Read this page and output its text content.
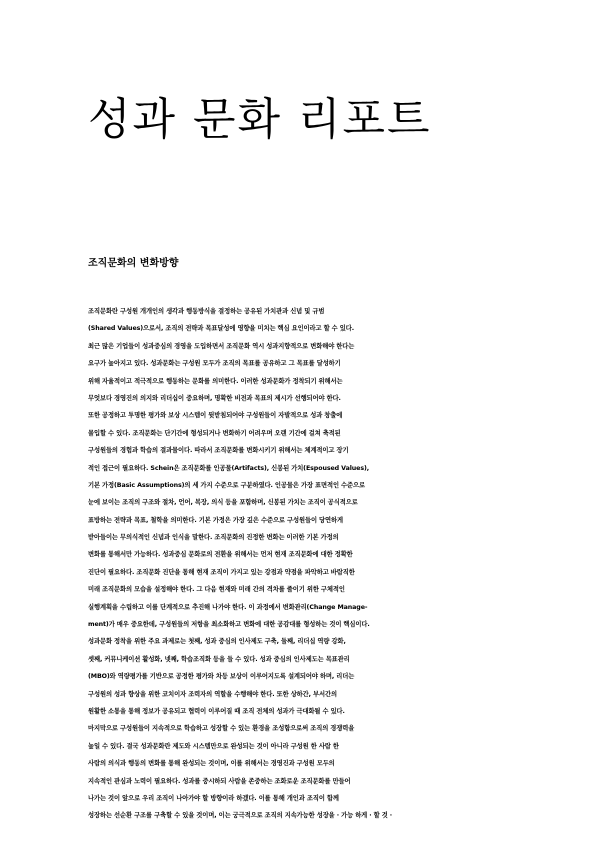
성과 문화 리포트
조직문화의 변화방향
조직문화란 구성원 개개인의 생각과 행동방식을 결정하는 공유된 가치관과 신념 및 규범
(Shared Values)으로서, 조직의 전략과 목표달성에 영향을 미치는 핵심 요인이라고 할 수 있다.
최근 많은 기업들이 성과중심의 경영을 도입하면서 조직문화 역시 성과지향적으로 변화해야 한다는
요구가 높아지고 있다. 성과문화는 구성원 모두가 조직의 목표를 공유하고 그 목표를 달성하기
위해 자율적이고 적극적으로 행동하는 문화를 의미한다. 이러한 성과문화가 정착되기 위해서는
무엇보다 경영진의 의지와 리더십이 중요하며, 명확한 비전과 목표의 제시가 선행되어야 한다.
또한 공정하고 투명한 평가와 보상 시스템이 뒷받침되어야 구성원들이 자발적으로 성과 창출에
몰입할 수 있다. 조직문화는 단기간에 형성되거나 변화하기 어려우며 오랜 기간에 걸쳐 축적된
구성원들의 경험과 학습의 결과물이다. 따라서 조직문화를 변화시키기 위해서는 체계적이고 장기
적인 접근이 필요하다. Schein은 조직문화를 인공물(Artifacts), 신봉된 가치(Espoused Values),
기본 가정(Basic Assumptions)의 세 가지 수준으로 구분하였다. 인공물은 가장 표면적인 수준으로
눈에 보이는 조직의 구조와 절차, 언어, 복장, 의식 등을 포함하며, 신봉된 가치는 조직이 공식적으로
표방하는 전략과 목표, 철학을 의미한다. 기본 가정은 가장 깊은 수준으로 구성원들이 당연하게
받아들이는 무의식적인 신념과 인식을 말한다. 조직문화의 진정한 변화는 이러한 기본 가정의
변화를 통해서만 가능하다. 성과중심 문화로의 전환을 위해서는 먼저 현재 조직문화에 대한 정확한
진단이 필요하다. 조직문화 진단을 통해 현재 조직이 가지고 있는 강점과 약점을 파악하고 바람직한
미래 조직문화의 모습을 설정해야 한다. 그 다음 현재와 미래 간의 격차를 줄이기 위한 구체적인
실행계획을 수립하고 이를 단계적으로 추진해 나가야 한다. 이 과정에서 변화관리(Change Manage-
ment)가 매우 중요한데, 구성원들의 저항을 최소화하고 변화에 대한 공감대를 형성하는 것이 핵심이다.
성과문화 정착을 위한 주요 과제로는 첫째, 성과 중심의 인사제도 구축, 둘째, 리더십 역량 강화,
셋째, 커뮤니케이션 활성화, 넷째, 학습조직화 등을 들 수 있다. 성과 중심의 인사제도는 목표관리
(MBO)와 역량평가를 기반으로 공정한 평가와 차등 보상이 이루어지도록 설계되어야 하며, 리더는
구성원의 성과 향상을 위한 코치이자 조력자의 역할을 수행해야 한다. 또한 상하간, 부서간의
원활한 소통을 통해 정보가 공유되고 협력이 이루어질 때 조직 전체의 성과가 극대화될 수 있다.
마지막으로 구성원들이 지속적으로 학습하고 성장할 수 있는 환경을 조성함으로써 조직의 경쟁력을
높일 수 있다. 결국 성과문화란 제도와 시스템만으로 완성되는 것이 아니라 구성원 한 사람 한
사람의 의식과 행동의 변화를 통해 완성되는 것이며, 이를 위해서는 경영진과 구성원 모두의
지속적인 관심과 노력이 필요하다. 성과를 중시하되 사람을 존중하는 조화로운 조직문화를 만들어
나가는 것이 앞으로 우리 조직이 나아가야 할 방향이라 하겠다. 이를 통해 개인과 조직이 함께
성장하는 선순환 구조를 구축할 수 있을 것이며, 이는 궁극적으로 조직의 지속가능한 성장을 · 가능 하게 · 할 것 ·
